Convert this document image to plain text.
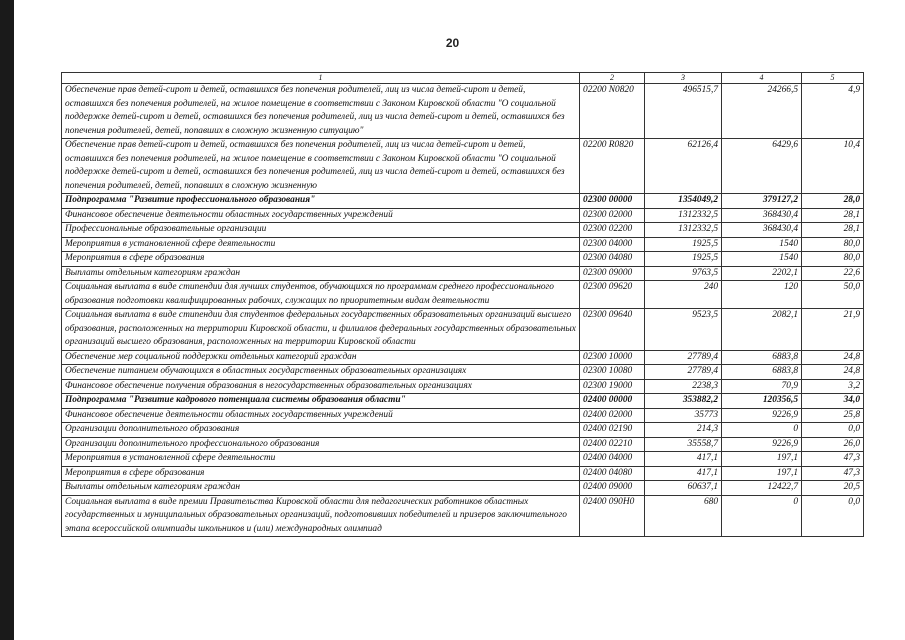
20
1	2	3	4	5
Обеспечение прав детей-сирот и детей, оставшихся без попечения родителей, лиц из числа детей-сирот и детей, оставшихся без попечения родителей, на жилое помещение в соответствии с Законом Кировской области "О социальной поддержке детей-сирот и детей, оставшихся без попечения родителей, лиц из числа детей-сирот и детей, оставшихся без попечения родителей, детей, попавших в сложную жизненную ситуацию"	02200 N0820	496515,7	24266,5	4,9
Обеспечение прав детей-сирот и детей, оставшихся без попечения родителей, лиц из числа детей-сирот и детей, оставшихся без попечения родителей, на жилое помещение в соответствии с Законом Кировской области "О социальной поддержке детей-сирот и детей, оставшихся без попечения родителей, лиц из числа детей-сирот и детей, оставшихся без попечения родителей, детей, попавших в сложную жизненную	02200 R0820	62126,4	6429,6	10,4
Подпрограмма "Развитие профессионального образования"	02300 00000	1354049,2	379127,2	28,0
Финансовое обеспечение деятельности областных государственных учреждений	02300 02000	1312332,5	368430,4	28,1
Профессиональные образовательные организации	02300 02200	1312332,5	368430,4	28,1
Мероприятия в установленной сфере деятельности	02300 04000	1925,5	1540	80,0
Мероприятия в сфере образования	02300 04080	1925,5	1540	80,0
Выплаты отдельным категориям граждан	02300 09000	9763,5	2202,1	22,6
Социальная выплата в виде стипендии для лучших студентов, обучающихся по программам среднего профессионального образования подготовки квалифицированных рабочих, служащих по приоритетным видам деятельности	02300 09620	240	120	50,0
Социальная выплата в виде стипендии для студентов федеральных государственных образовательных организаций высшего образования, расположенных на территории Кировской области, и филиалов федеральных государственных образовательных организаций высшего образования, расположенных на территории Кировской области	02300 09640	9523,5	2082,1	21,9
Обеспечение мер социальной поддержки отдельных категорий граждан	02300 10000	27789,4	6883,8	24,8
Обеспечение питанием обучающихся в областных государственных образовательных организациях	02300 10080	27789,4	6883,8	24,8
Финансовое обеспечение получения образования в негосударственных образовательных организациях	02300 19000	2238,3	70,9	3,2
Подпрограмма "Развитие кадрового потенциала системы образования области"	02400 00000	353882,2	120356,5	34,0
Финансовое обеспечение деятельности областных государственных учреждений	02400 02000	35773	9226,9	25,8
Организации дополнительного образования	02400 02190	214,3	0	0,0
Организации дополнительного профессионального образования	02400 02210	35558,7	9226,9	26,0
Мероприятия в установленной сфере деятельности	02400 04000	417,1	197,1	47,3
Мероприятия в сфере образования	02400 04080	417,1	197,1	47,3
Выплаты отдельным категориям граждан	02400 09000	60637,1	12422,7	20,5
Социальная выплата в виде премии Правительства Кировской области для педагогических работников областных государственных и муниципальных образовательных организаций, подготовивших победителей и призеров заключительного этапа всероссийской олимпиады школьников и (или) международных олимпиад	02400 090H0	680	0	0,0
